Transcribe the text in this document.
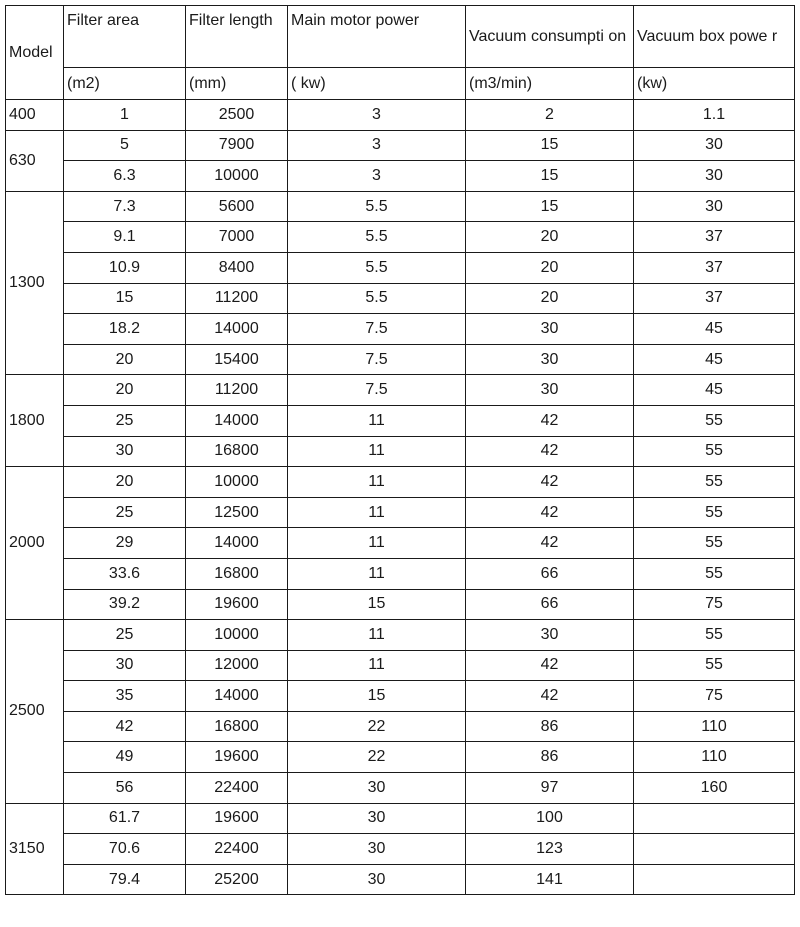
Model	Filter area	Filter length	Main motor power	Vacuum consumpti on	Vacuum box powe r
	(m2)	(mm)	( kw)	(m3/min)	(kw)
400	1	2500	3	2	1.1
630	5	7900	3	15	30
	6.3	10000	3	15	30
1300	7.3	5600	5.5	15	30
	9.1	7000	5.5	20	37
	10.9	8400	5.5	20	37
	15	11200	5.5	20	37
	18.2	14000	7.5	30	45
	20	15400	7.5	30	45
1800	20	11200	7.5	30	45
	25	14000	11	42	55
	30	16800	11	42	55
2000	20	10000	11	42	55
	25	12500	11	42	55
	29	14000	11	42	55
	33.6	16800	11	66	55
	39.2	19600	15	66	75
2500	25	10000	11	30	55
	30	12000	11	42	55
	35	14000	15	42	75
	42	16800	22	86	110
	49	19600	22	86	110
	56	22400	30	97	160
3150	61.7	19600	30	100	
	70.6	22400	30	123	
	79.4	25200	30	141	
